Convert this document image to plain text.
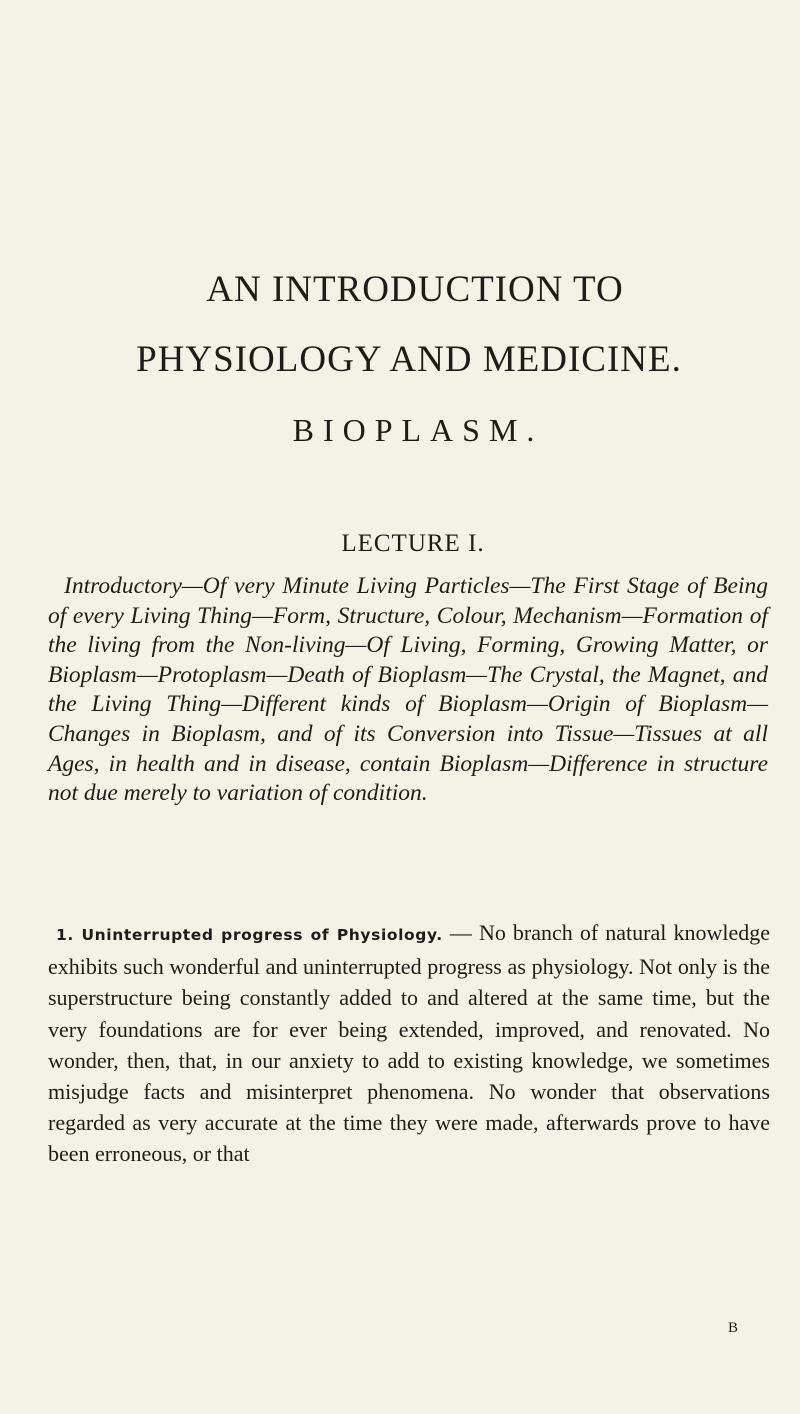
AN INTRODUCTION TO
PHYSIOLOGY AND MEDICINE.
BIOPLASM.
LECTURE I.
Introductory—Of very Minute Living Particles—The First Stage of Being of every Living Thing—Form, Structure, Colour, Mechanism—Formation of the living from the Non-living—Of Living, Forming, Growing Matter, or Bioplasm—Protoplasm—Death of Bioplasm—The Crystal, the Magnet, and the Living Thing—Different kinds of Bioplasm—Origin of Bioplasm—Changes in Bioplasm, and of its Conversion into Tissue—Tissues at all Ages, in health and in disease, contain Bioplasm—Difference in structure not due merely to variation of condition.
1. Uninterrupted progress of Physiology. — No branch of natural knowledge exhibits such wonderful and uninterrupted progress as physiology. Not only is the superstructure being constantly added to and altered at the same time, but the very foundations are for ever being extended, improved, and renovated. No wonder, then, that, in our anxiety to add to existing knowledge, we sometimes misjudge facts and misinterpret phenomena. No wonder that observations regarded as very accurate at the time they were made, afterwards prove to have been erroneous, or that
B
